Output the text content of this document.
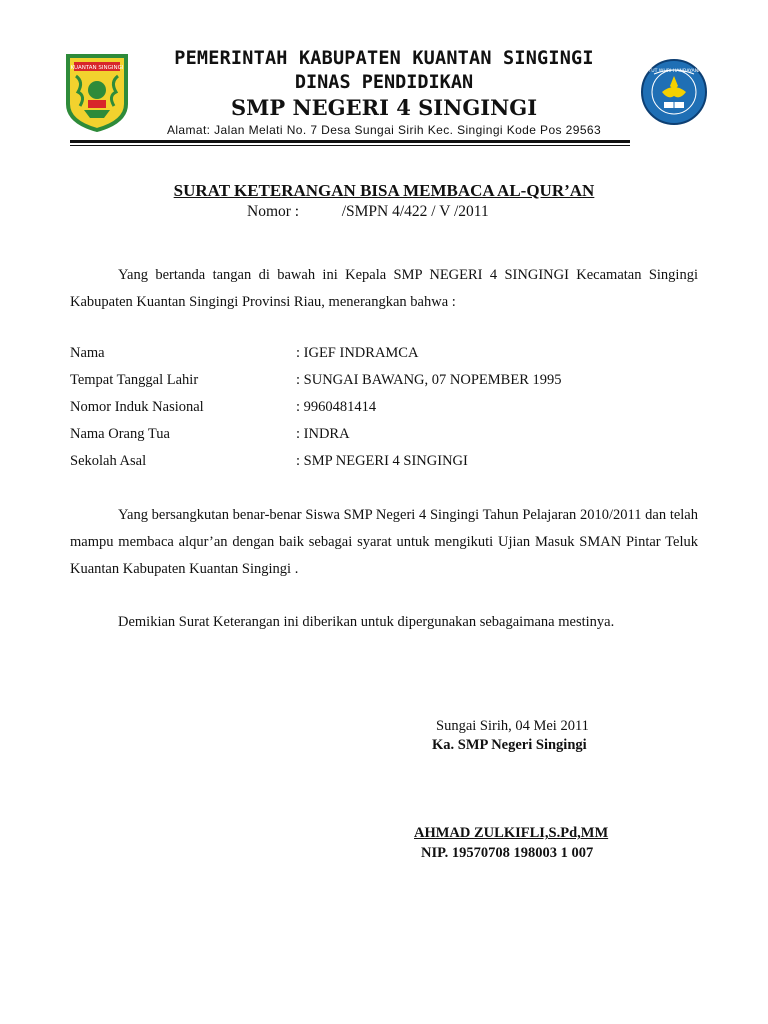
KUANTAN SINGINGI
TUT WURI HANDAYANI
PEMERINTAH KABUPATEN KUANTAN SINGINGI
DINAS PENDIDIKAN
SMP NEGERI 4 SINGINGI
Alamat: Jalan Melati No. 7 Desa Sungai Sirih Kec. Singingi Kode Pos 29563
SURAT KETERANGAN BISA MEMBACA AL-QUR’AN
Nomor :	/SMPN 4/422 / V /2011
Yang bertanda tangan di bawah ini Kepala SMP NEGERI 4 SINGINGI Kecamatan Singingi Kabupaten Kuantan Singingi Provinsi Riau, menerangkan bahwa :
Nama	: IGEF INDRAMCA
Tempat Tanggal Lahir	: SUNGAI BAWANG, 07 NOPEMBER 1995
Nomor Induk Nasional	: 9960481414
Nama Orang Tua	: INDRA
Sekolah Asal	: SMP NEGERI 4 SINGINGI
Yang bersangkutan benar-benar Siswa SMP Negeri 4 Singingi Tahun Pelajaran 2010/2011 dan telah mampu membaca alqur’an dengan baik sebagai syarat untuk mengikuti Ujian Masuk SMAN Pintar Teluk Kuantan Kabupaten Kuantan Singingi .
Demikian Surat Keterangan ini diberikan untuk dipergunakan sebagaimana mestinya.
Sungai Sirih, 04 Mei 2011
Ka. SMP Negeri Singingi
AHMAD ZULKIFLI,S.Pd,MM
NIP. 19570708 198003 1 007
